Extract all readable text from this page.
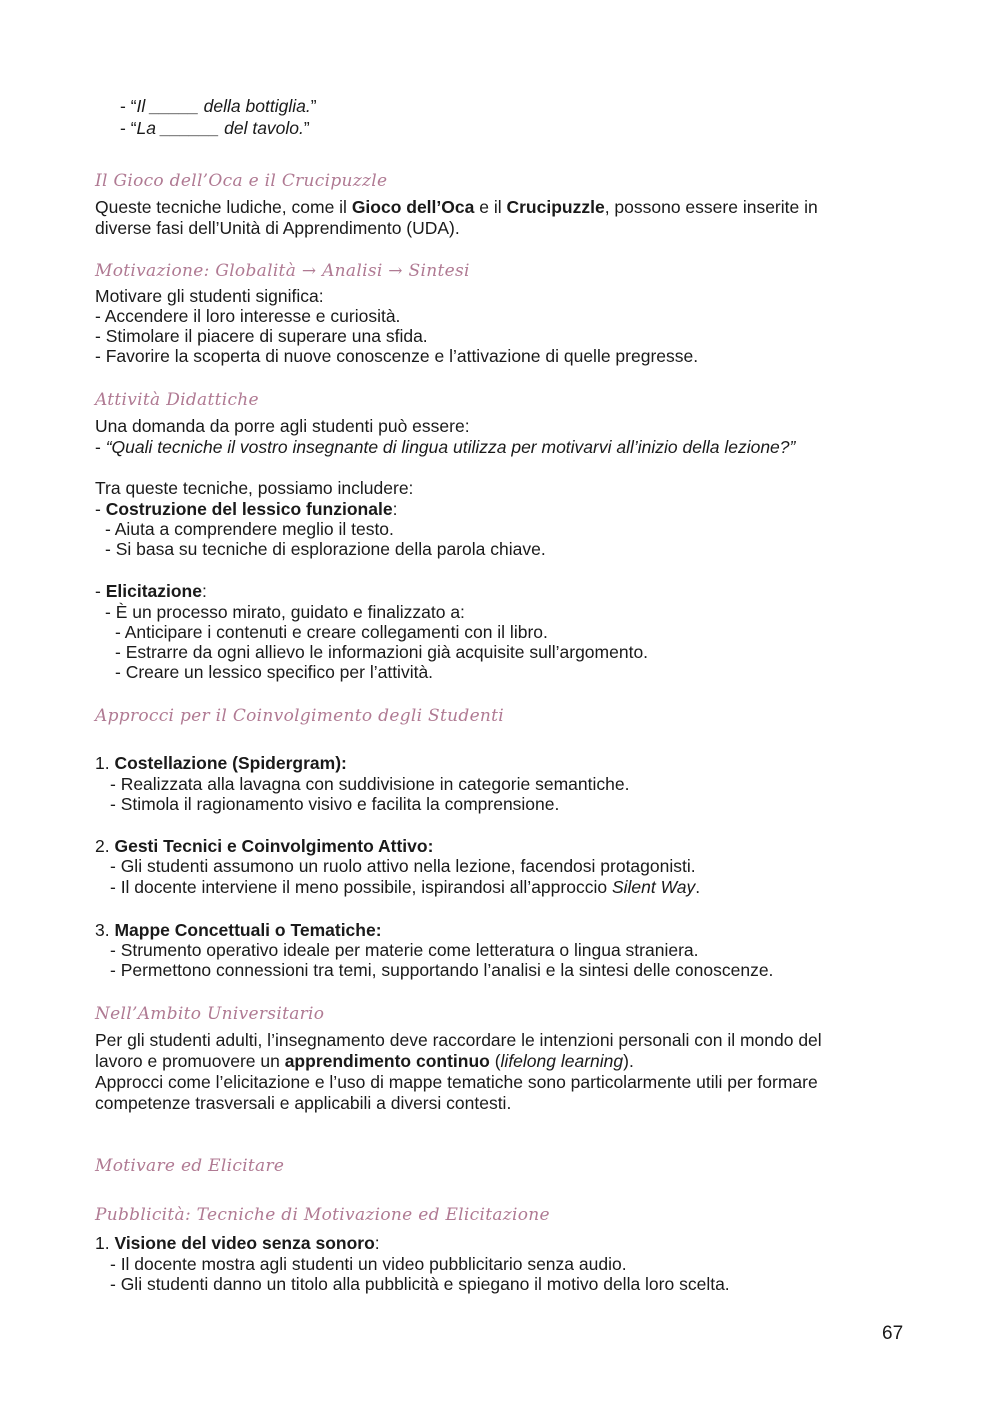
- “Il _____ della bottiglia.”

- “La ______ del tavolo.”

Il Gioco dell’Oca e il Crucipuzzle

Queste tecniche ludiche, come il Gioco dell’Oca e il Crucipuzzle, possono essere inserite in

diverse fasi dell’Unità di Apprendimento (UDA).

Motivazione: Globalità → Analisi → Sintesi

Motivare gli studenti significa:

- Accendere il loro interesse e curiosità.

- Stimolare il piacere di superare una sfida.

- Favorire la scoperta di nuove conoscenze e l’attivazione di quelle pregresse.

Attività Didattiche

Una domanda da porre agli studenti può essere:

- “Quali tecniche il vostro insegnante di lingua utilizza per motivarvi all’inizio della lezione?”

Tra queste tecniche, possiamo includere:

- Costruzione del lessico funzionale:

- Aiuta a comprendere meglio il testo.

- Si basa su tecniche di esplorazione della parola chiave.

- Elicitazione:

- È un processo mirato, guidato e finalizzato a:

- Anticipare i contenuti e creare collegamenti con il libro.

- Estrarre da ogni allievo le informazioni già acquisite sull’argomento.

- Creare un lessico specifico per l’attività.

Approcci per il Coinvolgimento degli Studenti

1. Costellazione (Spidergram):

- Realizzata alla lavagna con suddivisione in categorie semantiche.

- Stimola il ragionamento visivo e facilita la comprensione.

2. Gesti Tecnici e Coinvolgimento Attivo:

- Gli studenti assumono un ruolo attivo nella lezione, facendosi protagonisti.

- Il docente interviene il meno possibile, ispirandosi all’approccio Silent Way.

3. Mappe Concettuali o Tematiche:

- Strumento operativo ideale per materie come letteratura o lingua straniera.

- Permettono connessioni tra temi, supportando l’analisi e la sintesi delle conoscenze.

Nell’Ambito Universitario

Per gli studenti adulti, l’insegnamento deve raccordare le intenzioni personali con il mondo del

lavoro e promuovere un apprendimento continuo (lifelong learning).

Approcci come l’elicitazione e l’uso di mappe tematiche sono particolarmente utili per formare

competenze trasversali e applicabili a diversi contesti.

Motivare ed Elicitare
Pubblicità: Tecniche di Motivazione ed Elicitazione

1. Visione del video senza sonoro:

- Il docente mostra agli studenti un video pubblicitario senza audio.

- Gli studenti danno un titolo alla pubblicità e spiegano il motivo della loro scelta.

67
